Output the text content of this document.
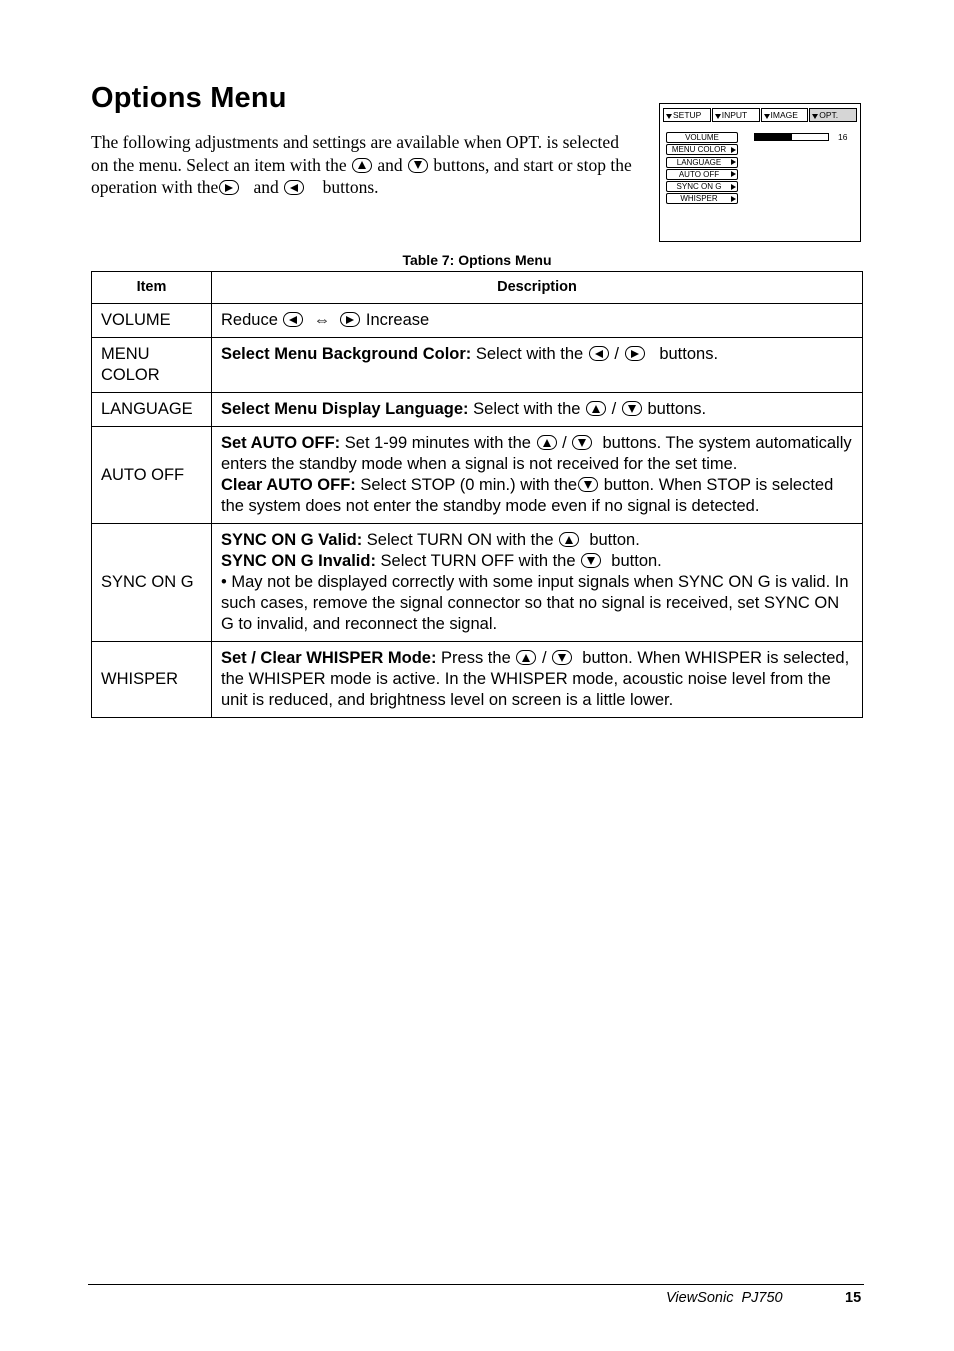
Options Menu

The following adjustments and settings are available when OPT. is selected on the menu. Select an item with the and buttons, and start or stop the operation with the and	buttons.

SETUP	INPUT	IMAGE	OPT.
VOLUME
MENU COLOR
LANGUAGE
AUTO OFF
SYNC ON G
WHISPER
16
Table 7: Options Menu
Item	Description
VOLUME	Reduce ⇔ Increase
MENU COLOR	Select Menu Background Color: Select with the / buttons.
LANGUAGE	Select Menu Display Language: Select with the / buttons.
AUTO OFF	Set AUTO OFF: Set 1-99 minutes with the / buttons. The system automatically enters the standby mode when a signal is not received for the set time.
Clear AUTO OFF: Select STOP (0 min.) with the button. When STOP is selected the system does not enter the standby mode even if no signal is detected.
SYNC ON G	SYNC ON G Valid: Select TURN ON with the button.
SYNC ON G Invalid: Select TURN OFF with the button.
• May not be displayed correctly with some input signals when SYNC ON G is valid. In such cases, remove the signal connector so that no signal is received, set SYNC ON G to invalid, and reconnect the signal.
WHISPER	Set / Clear WHISPER Mode: Press the / button. When WHISPER is selected, the WHISPER mode is active. In the WHISPER mode, acoustic noise level from the unit is reduced, and brightness level on screen is a little lower.
ViewSonic  PJ750	15
